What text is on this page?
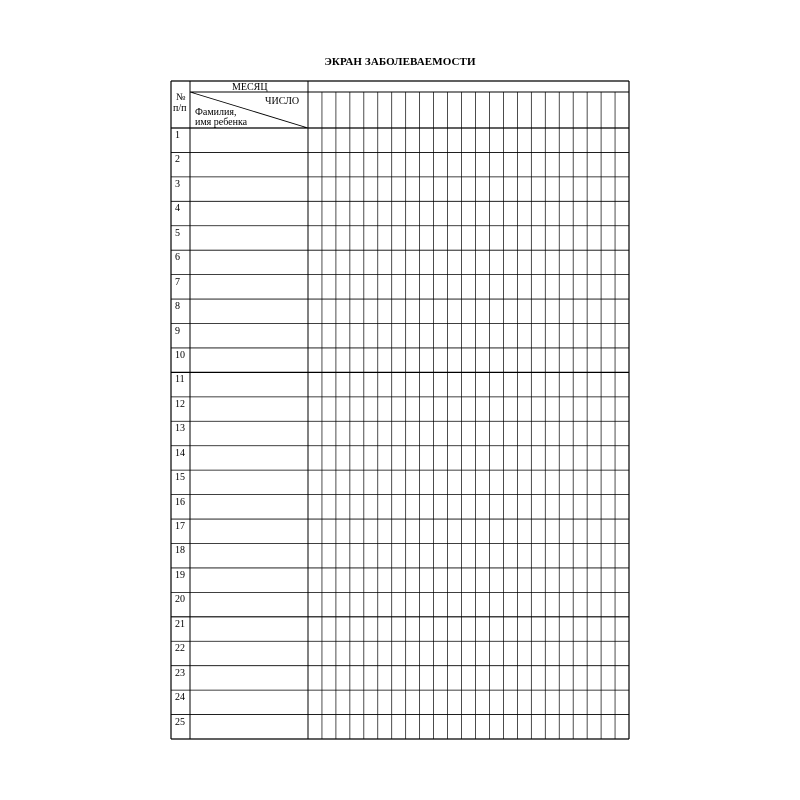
ЭКРАН ЗАБОЛЕВАЕМОСТИ
№
п/п
МЕСЯЦ
ЧИСЛО
Фамилия,
имя ребенка
1
2
3
4
5
6
7
8
9
10
11
12
13
14
15
16
17
18
19
20
21
22
23
24
25
